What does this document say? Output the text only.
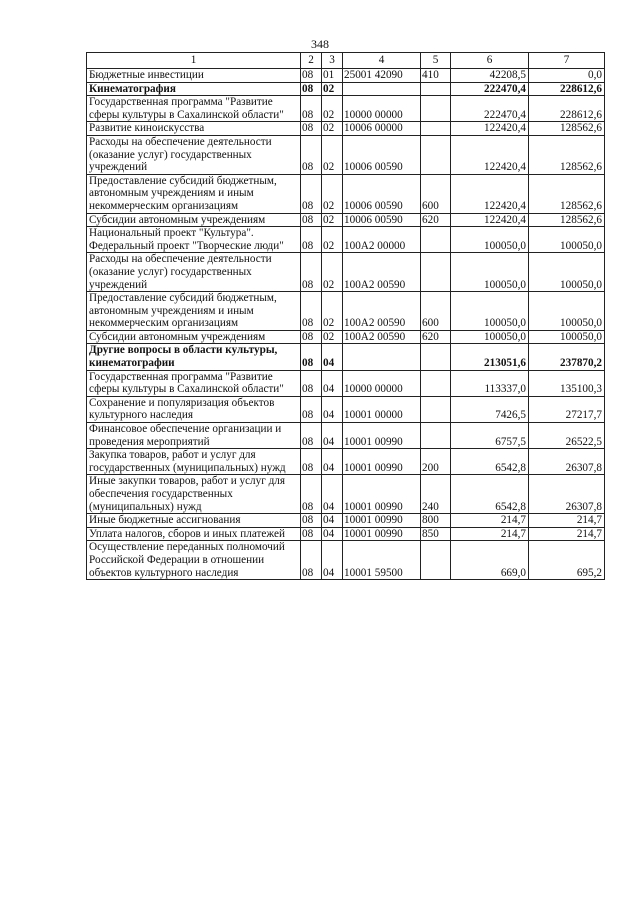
348
1	2	3	4	5	6	7
Бюджетные инвестиции	08	01	25001 42090	410	42208,5	0,0
Кинематография	08	02			222470,4	228612,6
Государственная программа "Развитие сферы культуры в Сахалинской области"	08	02	10000 00000		222470,4	228612,6
Развитие киноискусства	08	02	10006 00000		122420,4	128562,6
Расходы на обеспечение деятельности (оказание услуг) государственных учреждений	08	02	10006 00590		122420,4	128562,6
Предоставление субсидий бюджетным, автономным учреждениям и иным некоммерческим организациям	08	02	10006 00590	600	122420,4	128562,6
Субсидии автономным учреждениям	08	02	10006 00590	620	122420,4	128562,6
Национальный проект "Культура". Федеральный проект "Творческие люди"	08	02	100А2 00000		100050,0	100050,0
Расходы на обеспечение деятельности (оказание услуг) государственных учреждений	08	02	100А2 00590		100050,0	100050,0
Предоставление субсидий бюджетным, автономным учреждениям и иным некоммерческим организациям	08	02	100А2 00590	600	100050,0	100050,0
Субсидии автономным учреждениям	08	02	100А2 00590	620	100050,0	100050,0
Другие вопросы в области культуры, кинематографии	08	04			213051,6	237870,2
Государственная программа "Развитие сферы культуры в Сахалинской области"	08	04	10000 00000		113337,0	135100,3
Сохранение и популяризация объектов культурного наследия	08	04	10001 00000		7426,5	27217,7
Финансовое обеспечение организации и проведения мероприятий	08	04	10001 00990		6757,5	26522,5
Закупка товаров, работ и услуг для государственных (муниципальных) нужд	08	04	10001 00990	200	6542,8	26307,8
Иные закупки товаров, работ и услуг для обеспечения государственных (муниципальных) нужд	08	04	10001 00990	240	6542,8	26307,8
Иные бюджетные ассигнования	08	04	10001 00990	800	214,7	214,7
Уплата налогов, сборов и иных платежей	08	04	10001 00990	850	214,7	214,7
Осуществление переданных полномочий Российской Федерации в отношении объектов культурного наследия	08	04	10001 59500		669,0	695,2
